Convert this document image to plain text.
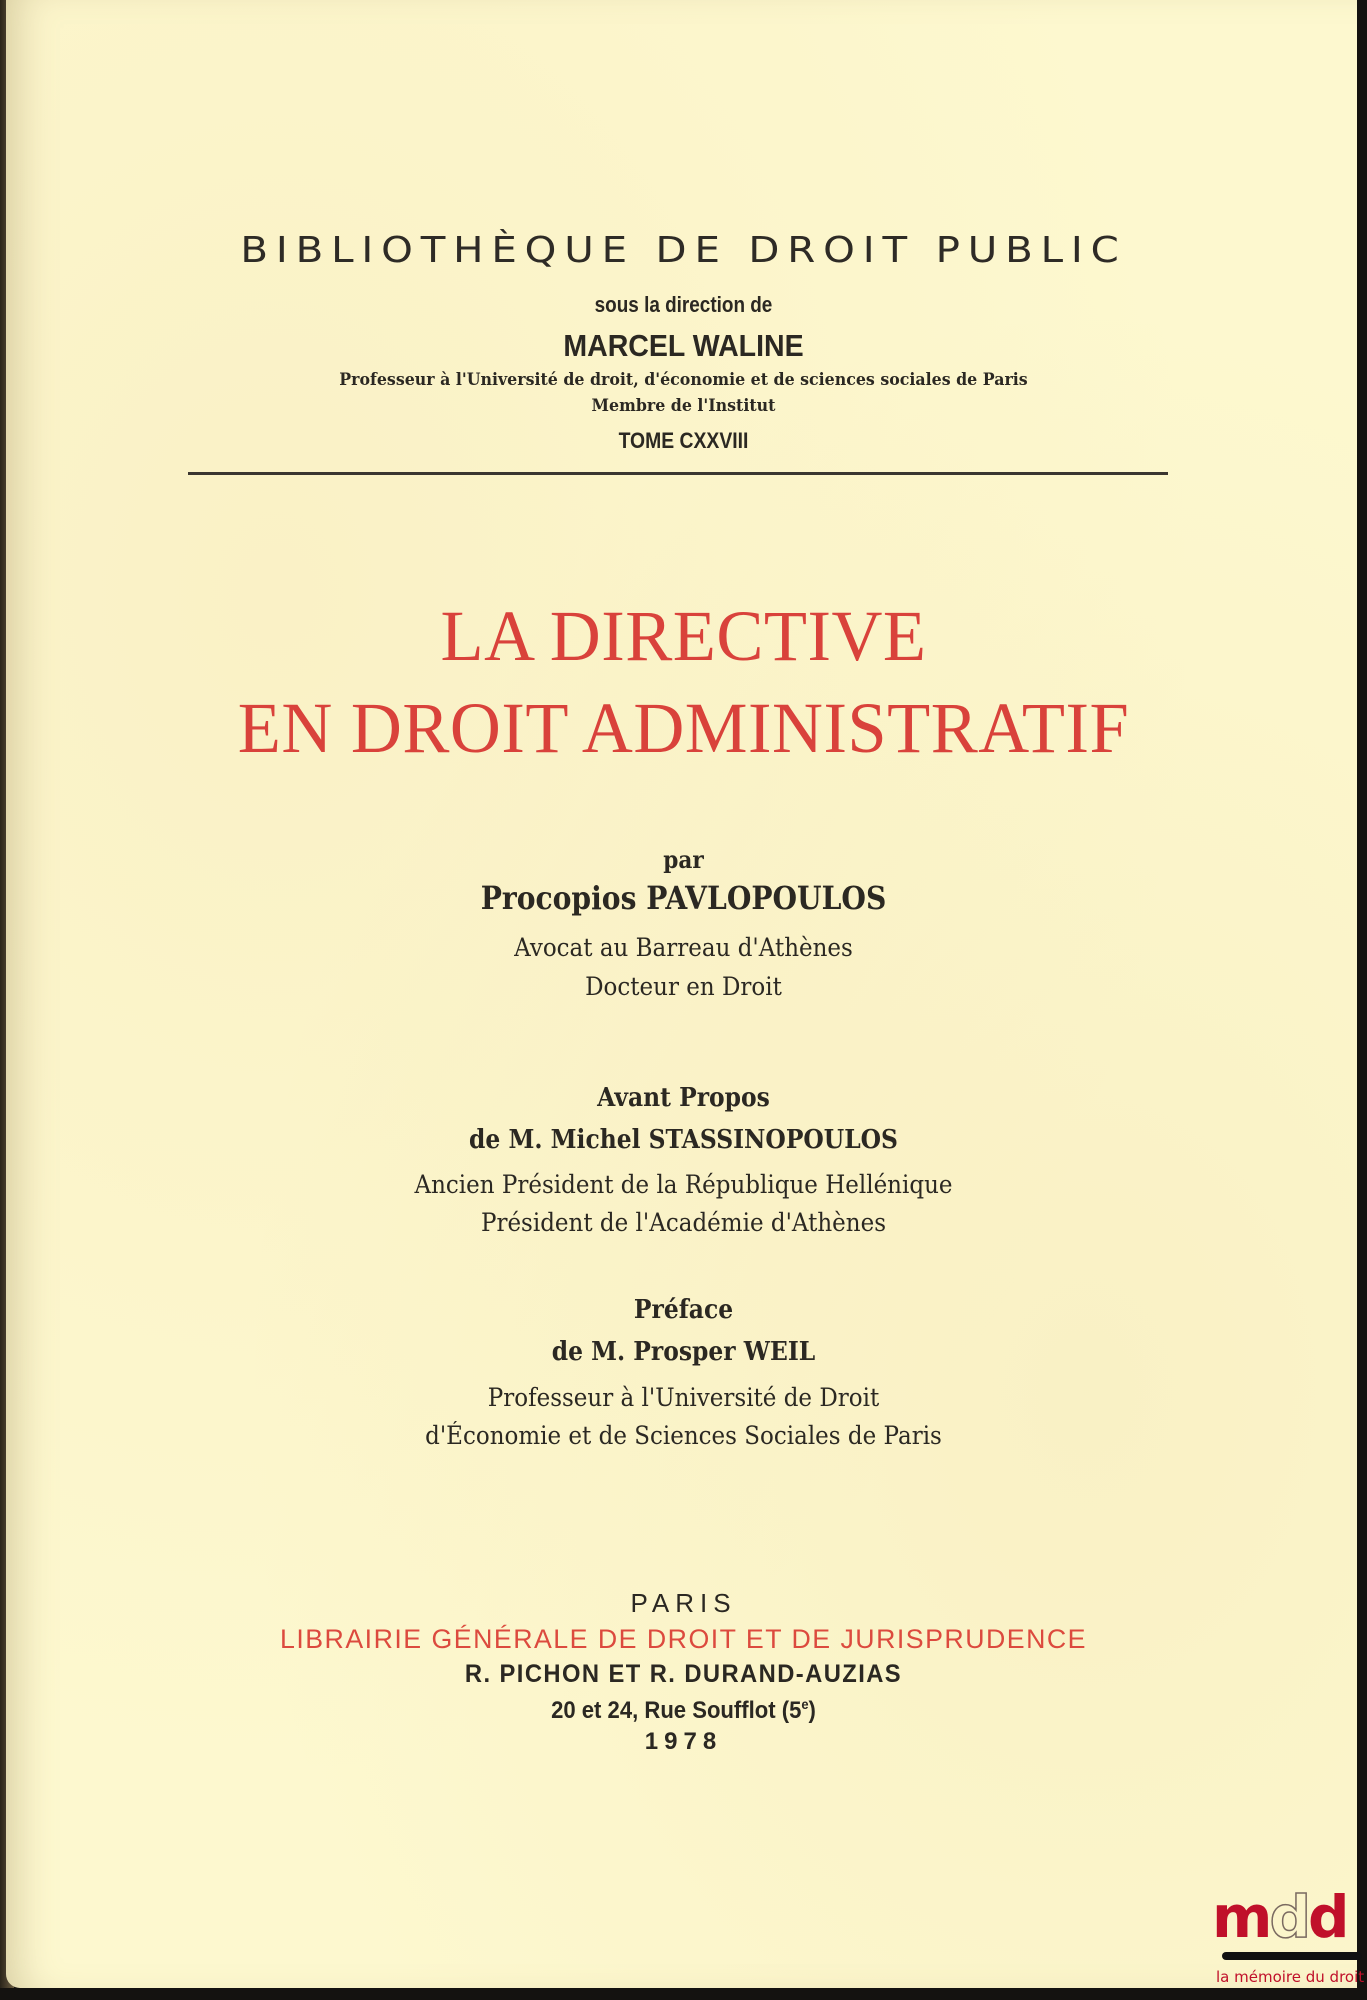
BIBLIOTHÈQUE DE DROIT PUBLIC
sous la direction de
MARCEL WALINE
Professeur à l'Université de droit, d'économie et de sciences sociales de Paris
Membre de l'Institut
TOME CXXVIII
LA DIRECTIVE
EN DROIT ADMINISTRATIF
par
Procopios PAVLOPOULOS
Avocat au Barreau d'Athènes
Docteur en Droit
Avant Propos
de M. Michel STASSINOPOULOS
Ancien Président de la République Hellénique
Président de l'Académie d'Athènes
Préface
de M. Prosper WEIL
Professeur à l'Université de Droit
d'Économie et de Sciences Sociales de Paris
PARIS
LIBRAIRIE GÉNÉRALE DE DROIT ET DE JURISPRUDENCE
R. PICHON ET R. DURAND-AUZIAS
20 et 24, Rue Soufflot (5e)
1978
mdd
la mémoire du droit
